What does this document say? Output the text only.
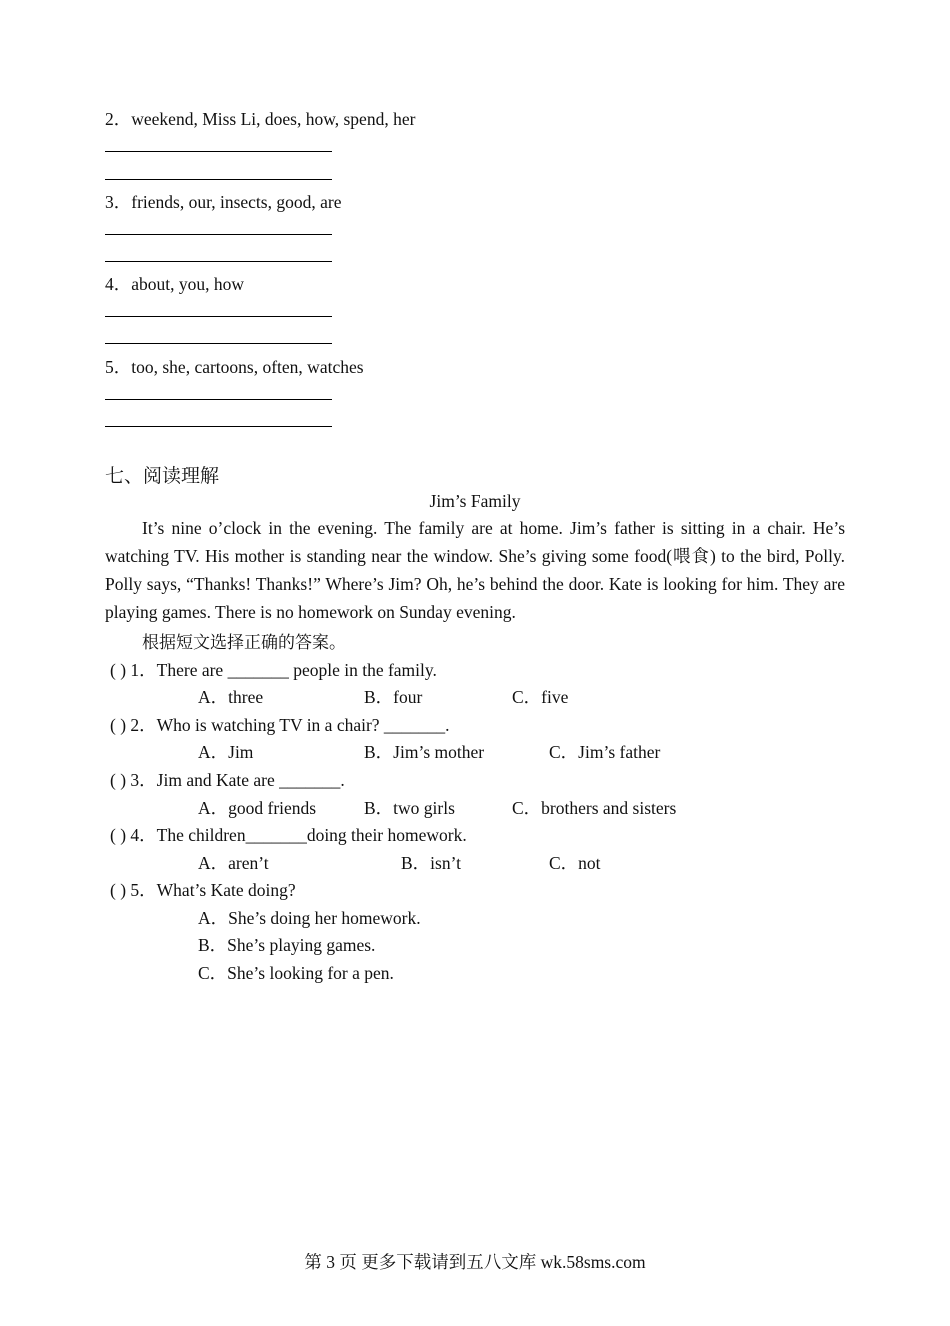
2．weekend, Miss Li, does, how, spend, her
3．friends, our, insects, good, are
4．about, you, how
5．too, she, cartoons, often, watches
七、阅读理解
Jim’s Family
It’s nine o’clock in the evening. The family are at home. Jim’s father is sitting in a chair. He’s watching TV. His mother is standing near the window. She’s giving some food(喂食) to the bird, Polly. Polly says, “Thanks! Thanks!” Where’s Jim? Oh, he’s behind the door. Kate is looking for him. They are playing games. There is no homework on Sunday evening.
根据短文选择正确的答案。
( ) 1．There are _______ people in the family.
A．three	B．four	C．five
( ) 2．Who is watching TV in a chair? _______.
A．Jim	B．Jim’s mother	C．Jim’s father
( ) 3．Jim and Kate are _______.
A．good friends	B．two girls	C．brothers and sisters
( ) 4．The children_______doing their homework.
A．aren’t	B．isn’t	C．not
( ) 5．What’s Kate doing?
A．She’s doing her homework.
B．She’s playing games.
C．She’s looking for a pen.
第 3 页 更多下载请到五八文库 wk.58sms.com
